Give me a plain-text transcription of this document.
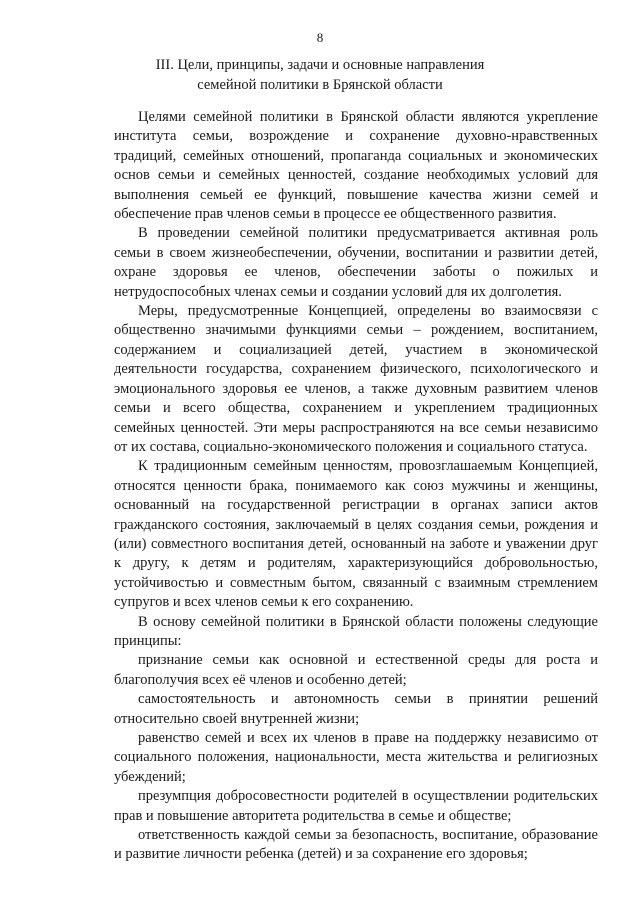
8
III. Цели, принципы, задачи и основные направления
семейной политики в Брянской области

Целями семейной политики в Брянской области являются укрепление института семьи, возрождение и сохранение духовно-нравственных традиций, семейных отношений, пропаганда социальных и экономических основ семьи и семейных ценностей, создание необходимых условий для выполнения семьей ее функций, повышение качества жизни семей и обеспечение прав членов семьи в процессе ее общественного развития.

В проведении семейной политики предусматривается активная роль семьи в своем жизнеобеспечении, обучении, воспитании и развитии детей, охране здоровья ее членов, обеспечении заботы о пожилых и нетрудоспособных членах семьи и создании условий для их долголетия.

Меры, предусмотренные Концепцией, определены во взаимосвязи с общественно значимыми функциями семьи – рождением, воспитанием, содержанием и социализацией детей, участием в экономической деятельности государства, сохранением физического, психологического и эмоционального здоровья ее членов, а также духовным развитием членов семьи и всего общества, сохранением и укреплением традиционных семейных ценностей. Эти меры распространяются на все семьи независимо от их состава, социально-экономического положения и социального статуса.

К традиционным семейным ценностям, провозглашаемым Концепцией, относятся ценности брака, понимаемого как союз мужчины и женщины, основанный на государственной регистрации в органах записи актов гражданского состояния, заключаемый в целях создания семьи, рождения и (или) совместного воспитания детей, основанный на заботе и уважении друг к другу, к детям и родителям, характеризующийся добровольностью, устойчивостью и совместным бытом, связанный с взаимным стремлением супругов и всех членов семьи к его сохранению.

В основу семейной политики в Брянской области положены следующие принципы:

признание семьи как основной и естественной среды для роста и благополучия всех её членов и особенно детей;

самостоятельность и автономность семьи в принятии решений относительно своей внутренней жизни;

равенство семей и всех их членов в праве на поддержку независимо от социального положения, национальности, места жительства и религиозных убеждений;

презумпция добросовестности родителей в осуществлении родительских прав и повышение авторитета родительства в семье и обществе;

ответственность каждой семьи за безопасность, воспитание, образование и развитие личности ребенка (детей) и за сохранение его здоровья;
